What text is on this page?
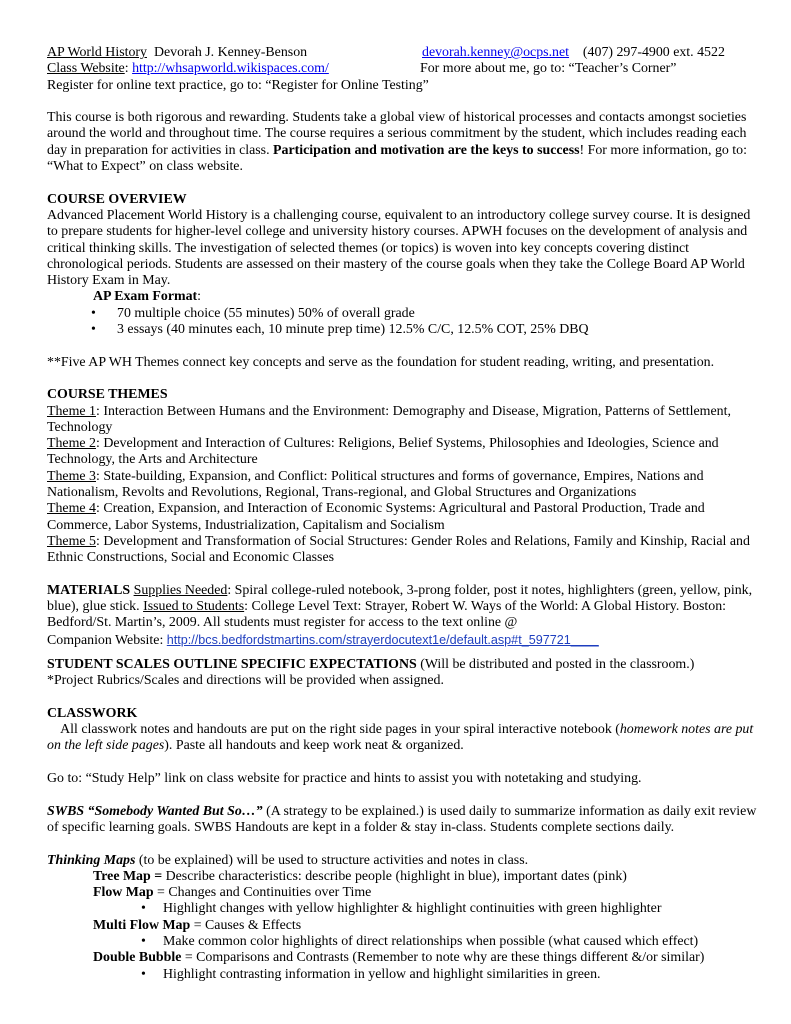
AP World History Devorah J. Kenney-Benson	devorah.kenney@ocps.net (407) 297-4900 ext. 4522
Class Website: http://whsapworld.wikispaces.com/	For more about me, go to: “Teacher’s Corner”
Register for online text practice, go to: “Register for Online Testing”

This course is both rigorous and rewarding. Students take a global view of historical processes and contacts amongst societies around the world and throughout time. The course requires a serious commitment by the student, which includes reading each day in preparation for activities in class. Participation and motivation are the keys to success! For more information, go to: “What to Expect” on class website.

COURSE OVERVIEW

Advanced Placement World History is a challenging course, equivalent to an introductory college survey course. It is designed to prepare students for higher-level college and university history courses. APWH focuses on the development of analysis and critical thinking skills. The investigation of selected themes (or topics) is woven into key concepts covering distinct chronological periods. Students are assessed on their mastery of the course goals when they take the College Board AP World History Exam in May.

AP Exam Format:
• 70 multiple choice (55 minutes) 50% of overall grade
• 3 essays (40 minutes each, 10 minute prep time) 12.5% C/C, 12.5% COT, 25% DBQ

**Five AP WH Themes connect key concepts and serve as the foundation for student reading, writing, and presentation.

COURSE THEMES

Theme 1: Interaction Between Humans and the Environment: Demography and Disease, Migration, Patterns of Settlement, Technology

Theme 2: Development and Interaction of Cultures: Religions, Belief Systems, Philosophies and Ideologies, Science and Technology, the Arts and Architecture

Theme 3: State-building, Expansion, and Conflict: Political structures and forms of governance, Empires, Nations and Nationalism, Revolts and Revolutions, Regional, Trans-regional, and Global Structures and Organizations

Theme 4: Creation, Expansion, and Interaction of Economic Systems: Agricultural and Pastoral Production, Trade and Commerce, Labor Systems, Industrialization, Capitalism and Socialism

Theme 5: Development and Transformation of Social Structures: Gender Roles and Relations, Family and Kinship, Racial and Ethnic Constructions, Social and Economic Classes

MATERIALS Supplies Needed: Spiral college-ruled notebook, 3-prong folder, post it notes, highlighters (green, yellow, pink, blue), glue stick. Issued to Students: College Level Text: Strayer, Robert W. Ways of the World: A Global History. Boston: Bedford/St. Martin’s, 2009. All students must register for access to the text online @

Companion Website: http://bcs.bedfordstmartins.com/strayerdocutext1e/default.asp#t_597721____

STUDENT SCALES OUTLINE SPECIFIC EXPECTATIONS (Will be distributed and posted in the classroom.)

*Project Rubrics/Scales and directions will be provided when assigned.

CLASSWORK    All classwork notes and handouts are put on the right side pages in your spiral interactive notebook (homework notes are put on the left side pages). Paste all handouts and keep work neat & organized.

Go to: “Study Help” link on class website for practice and hints to assist you with notetaking and studying.

SWBS “Somebody Wanted But So…” (A strategy to be explained.) is used daily to summarize information as daily exit review of specific learning goals. SWBS Handouts are kept in a folder & stay in-class. Students complete sections daily.

Thinking Maps (to be explained) will be used to structure activities and notes in class.

Tree Map = Describe characteristics: describe people (highlight in blue), important dates (pink)
Flow Map = Changes and Continuities over Time
• Highlight changes with yellow highlighter & highlight continuities with green highlighter
Multi Flow Map = Causes & Effects
• Make common color highlights of direct relationships when possible (what caused which effect)
Double Bubble = Comparisons and Contrasts (Remember to note why are these things different &/or similar)
• Highlight contrasting information in yellow and highlight similarities in green.
